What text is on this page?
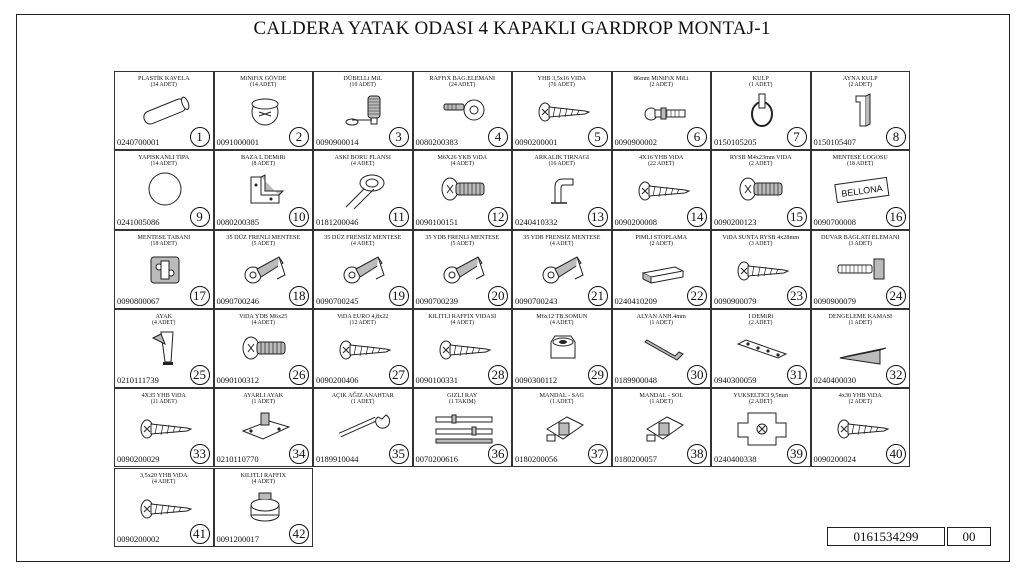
CALDERA YATAK ODASI 4 KAPAKLI GARDROP MONTAJ-1
PLASTİK KAVELA
(34 ADET)
0240700001	1
MiNiFiX GÖVDE
(14 ADET)
0091000001	2
DÜBELLi MiL
(10 ADET)
0090900014	3
RAFFiX BAG.ELEMANI
(24 ADET)
0080200383	4
YHB 3,5x16 VIDA
(76 ADET)
0090200001	5
86mm MiNiFiX MiLi
(2 ADET)
0090900002	6
KULP
(1 ADET)
0150105205	7
AYNA KULP
(2 ADET)
0150105407	8
YAPISKANLI TIPA
(14 ADET)
0241005086	9
BAZA L DEMiRi
(8 ADET)
0080200385	10
ASKI BORU FLANSI
(4 ADET)
0181200046	11
M6X26 YKB ViDA
(4 ADET)
0090100151	12
ARKALIK TIRNAGI
(16 ADET)
0240410332	13
4X16 YHB ViDA
(22 ADET)
0090200008	14
RYSB M4x23mm VIDA
(2 ADET)
0090200123	15
MENTESE LOGOSU
(18 ADET)
BELLONA
0090700008	16
MENTESE TABANI
(18 ADET)
0090800067	17
35 DÜZ FRENLI MENTESE
(5 ADET)
0090700246	18
35 DÜZ FRENSİZ MENTESE
(4 ADET)
0090700245	19
35 YDB FRENLI MENTESE
(5 ADET)
0090700239	20
35 YDB FRENSİZ MENTESE
(4 ADET)
0090700243	21
PIMLI STOPLAMA
(2 ADET)
0240410209	22
ViDA SUNTA RYSB 4x28mm
(3 ADET)
0090900079	23
DUVAR BAGLATI ELEMANI
(3 ADET)
0090900079	24
AYAK
(4 ADET)
0210111739	25
ViDA YDB M6x25
(4 ADET)
0090100312	26
ViDA EURO 4,8x22
(12 ADET)
0090200406	27
KILITLI RAFFIX VIDASI
(4 ADET)
0090100331	28
M6x12 TB.SOMUN
(4 ADET)
0090300112	29
ALYAN ANH.4mm
(1 ADET)
0189900048	30
I DEMiRi
(2 ADET)
0940300059	31
DENGELEME KAMASI
(1 ADET)
0240400030	32
4X35 YHB ViDA
(11 ADET)
0090200029	33
AYARLI AYAK
(1 ADET)
0210110770	34
AÇIK AĞIZ ANAHTAR
(1 ADET)
0189910044	35
GIZLI RAY
(1 TAKIM)
0070200616	36
MANDAL - SAG
(1 ADET)
0180200056	37
MANDAL - SOL
(1 ADET)
0180200057	38
YUKSELTICI 9,5mm
(2 ADET)
0240400338	39
4x30 YHB ViDA
(2 ADET)
0090200024	40
3,5x20 YHB ViDA
(4 ADET)
0090200002	41
KILITLI RAFFIX
(4 ADET)
0091200017	42	0161534299	00
